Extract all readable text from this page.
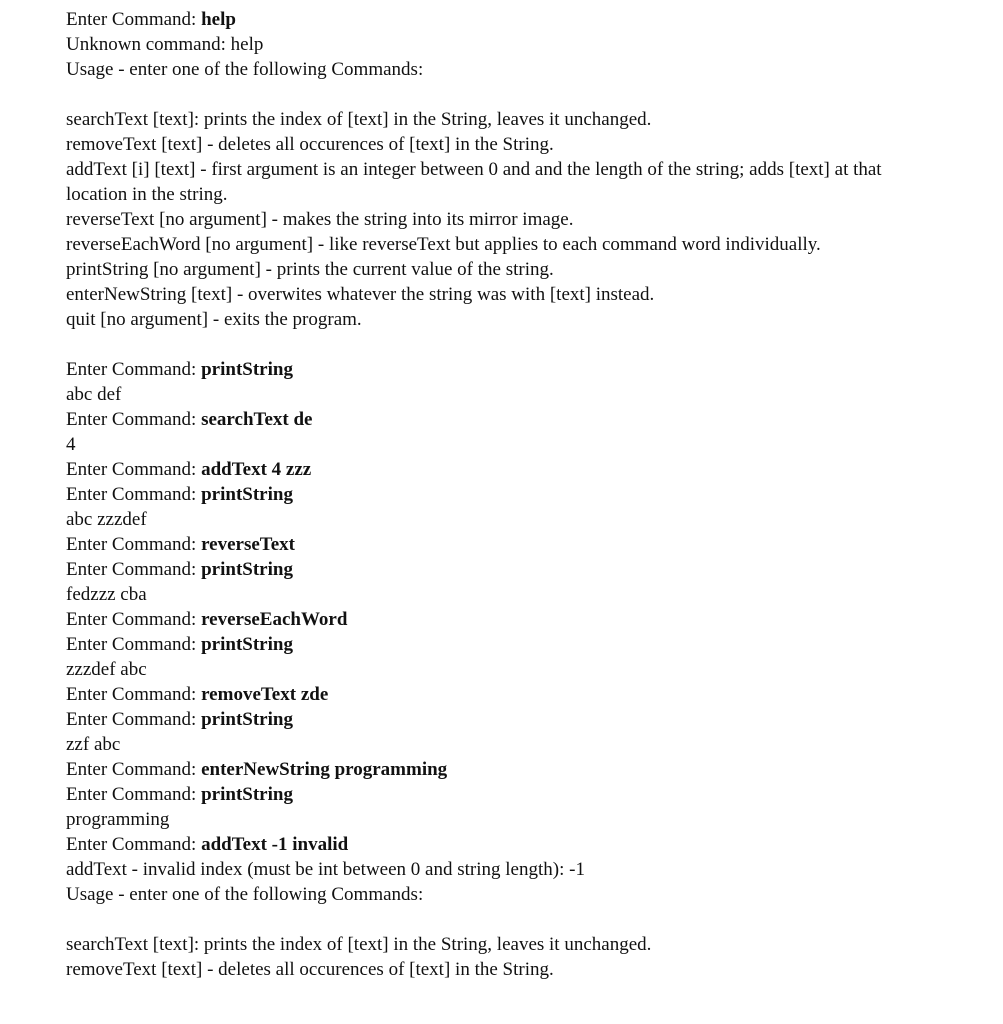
Enter Command: help
Unknown command: help
Usage - enter one of the following Commands:
searchText [text]: prints the index of [text] in the String, leaves it unchanged.
removeText [text] - deletes all occurences of [text] in the String.
addText [i] [text] - first argument is an integer between 0 and and the length of the string; adds [text] at that location in the string.
reverseText [no argument] - makes the string into its mirror image.
reverseEachWord [no argument] - like reverseText but applies to each command word individually.
printString [no argument] - prints the current value of the string.
enterNewString [text] - overwites whatever the string was with [text] instead.
quit [no argument] - exits the program.
Enter Command: printString
abc def
Enter Command: searchText de
4
Enter Command: addText 4 zzz
Enter Command: printString
abc zzzdef
Enter Command: reverseText
Enter Command: printString
fedzzz cba
Enter Command: reverseEachWord
Enter Command: printString
zzzdef abc
Enter Command: removeText zde
Enter Command: printString
zzf abc
Enter Command: enterNewString programming
Enter Command: printString
programming
Enter Command: addText -1 invalid
addText - invalid index (must be int between 0 and string length): -1
Usage - enter one of the following Commands:
searchText [text]: prints the index of [text] in the String, leaves it unchanged.
removeText [text] - deletes all occurences of [text] in the String.
